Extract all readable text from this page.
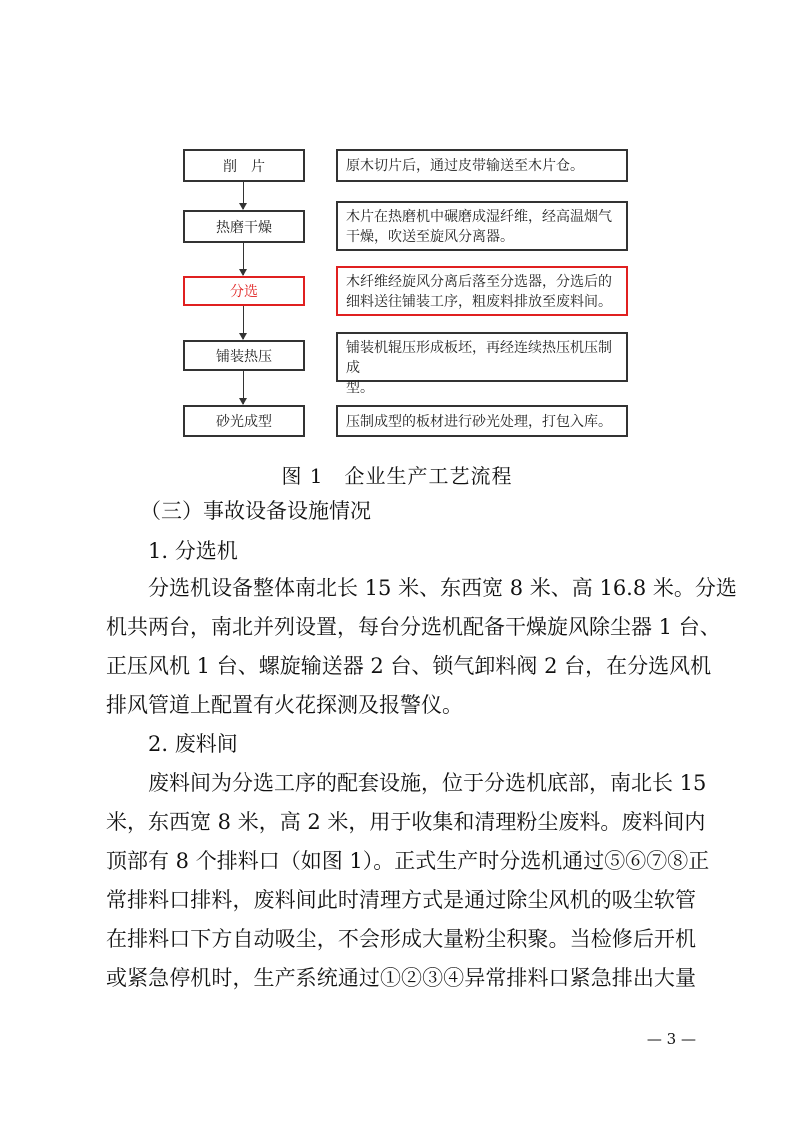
削　片
热磨干燥
分选
铺装热压
砂光成型
原木切片后，通过皮带输送至木片仓。
木片在热磨机中碾磨成湿纤维，经高温烟气
干燥，吹送至旋风分离器。
木纤维经旋风分离后落至分选器，分选后的
细料送往铺装工序，粗废料排放至废料间。
铺装机辊压形成板坯，再经连续热压机压制成
型。
压制成型的板材进行砂光处理，打包入库。
图 1　企业生产工艺流程
（三）事故设备设施情况
1. 分选机
分选机设备整体南北长 15 米、东西宽 8 米、高 16.8 米。分选
机共两台，南北并列设置，每台分选机配备干燥旋风除尘器 1 台、
正压风机 1 台、螺旋输送器 2 台、锁气卸料阀 2 台，在分选风机
排风管道上配置有火花探测及报警仪。
2. 废料间
废料间为分选工序的配套设施，位于分选机底部，南北长 15
米，东西宽 8 米，高 2 米，用于收集和清理粉尘废料。废料间内
顶部有 8 个排料口（如图 1）。正式生产时分选机通过⑤⑥⑦⑧正
常排料口排料，废料间此时清理方式是通过除尘风机的吸尘软管
在排料口下方自动吸尘，不会形成大量粉尘积聚。当检修后开机
或紧急停机时，生产系统通过①②③④异常排料口紧急排出大量
— 3 —
